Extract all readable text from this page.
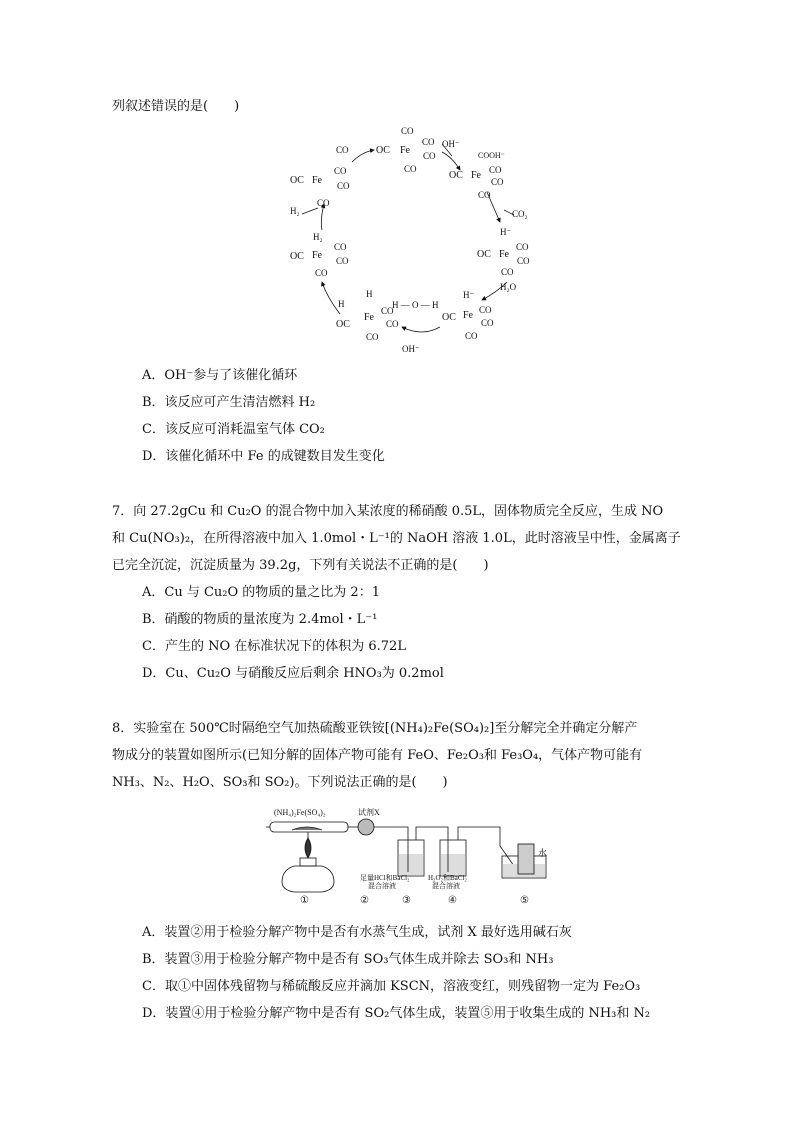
列叙述错误的是(　　)
OC Fe
CO
CO
CO
CO
OC Fe
CO
CO
CO
CO
OH⁻
COOH⁻
OC Fe CO
CO
CO
CO₂
H⁻
OC Fe
CO
CO
CO
H₂O
H⁻
OC Fe CO
CO
CO
H — O — H
H
H
OC
Fe
CO
CO
CO
OH⁻
H₂
H₂
OC Fe
CO
CO
CO
A．OH⁻参与了该催化循环
B．该反应可产生清洁燃料 H₂
C．该反应可消耗温室气体 CO₂
D．该催化循环中 Fe 的成键数目发生变化
7．向 27.2gCu 和 Cu₂O 的混合物中加入某浓度的稀硝酸 0.5L，固体物质完全反应，生成 NO
和 Cu(NO₃)₂，在所得溶液中加入 1.0mol・L⁻¹的 NaOH 溶液 1.0L，此时溶液呈中性，金属离子
已完全沉淀，沉淀质量为 39.2g，下列有关说法不正确的是(　　)
A．Cu 与 Cu₂O 的物质的量之比为 2：1
B．硝酸的物质的量浓度为 2.4mol・L⁻¹
C．产生的 NO 在标准状况下的体积为 6.72L
D．Cu、Cu₂O 与硝酸反应后剩余 HNO₃为 0.2mol
8．实验室在 500℃时隔绝空气加热硫酸亚铁铵[(NH₄)₂Fe(SO₄)₂]至分解完全并确定分解产
物成分的装置如图所示(已知分解的固体产物可能有 FeO、Fe₂O₃和 Fe₃O₄，气体产物可能有
NH₃、N₂、H₂O、SO₃和 SO₂)。下列说法正确的是(　　)
(NH₄)₂Fe(SO₄)₂	试剂X
水
足量HCl和BaCl₂
混合溶液
H₂O₂和BaCl₂
混合溶液
①	②	③	④	⑤
A．装置②用于检验分解产物中是否有水蒸气生成，试剂 X 最好选用碱石灰
B．装置③用于检验分解产物中是否有 SO₃气体生成并除去 SO₃和 NH₃
C．取①中固体残留物与稀硫酸反应并滴加 KSCN，溶液变红，则残留物一定为 Fe₂O₃
D．装置④用于检验分解产物中是否有 SO₂气体生成，装置⑤用于收集生成的 NH₃和 N₂
